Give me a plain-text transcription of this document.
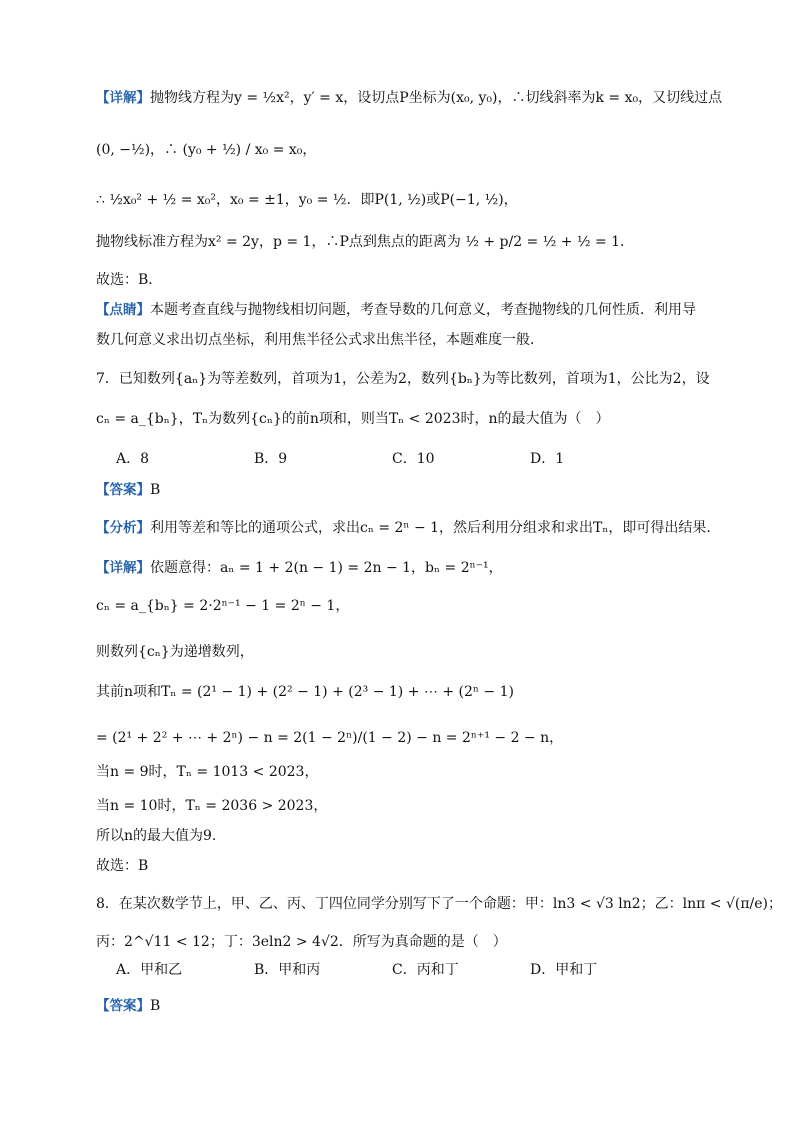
【详解】抛物线方程为y = ½x²，y′ = x，设切点P坐标为(x₀, y₀)，∴切线斜率为k = x₀，又切线过点
(0, −½)，∴ (y₀ + ½) / x₀ = x₀，
∴ ½x₀² + ½ = x₀²，x₀ = ±1，y₀ = ½．即P(1, ½)或P(−1, ½)，
抛物线标准方程为x² = 2y，p = 1，∴P点到焦点的距离为 ½ + p/2 = ½ + ½ = 1．
故选：B．
【点睛】本题考查直线与抛物线相切问题，考查导数的几何意义，考查抛物线的几何性质．利用导
数几何意义求出切点坐标，利用焦半径公式求出焦半径，本题难度一般．
7．已知数列{aₙ}为等差数列，首项为1，公差为2，数列{bₙ}为等比数列，首项为1，公比为2，设
cₙ = a_{bₙ}，Tₙ为数列{cₙ}的前n项和，则当Tₙ < 2023时，n的最大值为（　）
A．8	B．9	C．10	D．1
【答案】B
【分析】利用等差和等比的通项公式，求出cₙ = 2ⁿ − 1，然后利用分组求和求出Tₙ，即可得出结果.
【详解】依题意得：aₙ = 1 + 2(n − 1) = 2n − 1，bₙ = 2ⁿ⁻¹，
cₙ = a_{bₙ} = 2·2ⁿ⁻¹ − 1 = 2ⁿ − 1，
则数列{cₙ}为递增数列，
其前n项和Tₙ = (2¹ − 1) + (2² − 1) + (2³ − 1) + ⋯ + (2ⁿ − 1)
= (2¹ + 2² + ⋯ + 2ⁿ) − n = 2(1 − 2ⁿ)/(1 − 2) − n = 2ⁿ⁺¹ − 2 − n，
当n = 9时，Tₙ = 1013 < 2023，
当n = 10时，Tₙ = 2036 > 2023，
所以n的最大值为9.
故选：B
8．在某次数学节上，甲、乙、丙、丁四位同学分别写下了一个命题：甲：ln3 < √3 ln2；乙：lnπ < √(π/e)；
丙：2^√11 < 12；丁：3eln2 > 4√2．所写为真命题的是（　）
A．甲和乙	B．甲和丙	C．丙和丁	D．甲和丁
【答案】B
